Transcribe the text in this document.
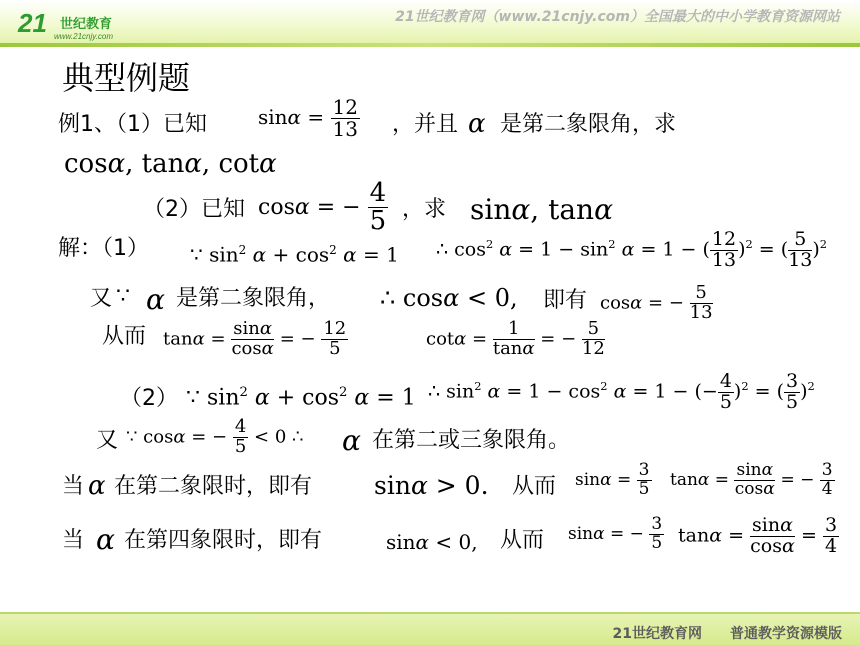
21 世纪教育
www.21cnjy.com
21世纪教育网（www.21cnjy.com）全国最大的中小学教育资源网站
典型例题
例1、（1）已知	$\sin\alpha = \frac{12}{13}$ ，并且 α 是第二象限角，求
cosα, tanα, cotα
（2）已知 cosα = − $\frac{4}{5}$ ，求 sinα, tanα
解：（1） ∵ $\sin^2 \alpha + \cos^2 \alpha = 1$ ∴ $\cos^2 \alpha = 1 - \sin^2 \alpha = 1$ − ( $\frac{12}{13} )^2$ = ( $\frac{5}{13} )^2$
又 ∵ α 是第二象限角， ∴ cosα < 0, 即有 cosα = − $\frac{5}{13}$
从而 $\tan\alpha = \frac{\sin\alpha}{\cos\alpha}$ = − $\frac{12}{5}$	$\cot\alpha = \frac{1}{\tan\alpha}$ = − $\frac{5}{12}$
（2） ∵ $\sin^2 \alpha + \cos^2 \alpha = 1$ ∴ $\sin^2 \alpha = 1 - \cos^2 \alpha = 1$ − (− $\frac{4}{5} )^2$ = ( $\frac{3}{5} )^2$
又 ∵ cosα = − $\frac{4}{5} < 0$ ∴ α 在第二或三象限角。
当 α 在第二象限时，即有 sinα > 0. 从而 $\sin\alpha = \frac{3}{5}$ $\tan\alpha = \frac{\sin\alpha}{\cos\alpha}$ = − $\frac{3}{4}$
当 α 在第四象限时，即有	sinα < 0, 从而 sinα = − $\frac{3}{5}$ $\tan\alpha = \frac{\sin\alpha}{\cos\alpha} = \frac{3}{4}$
21世纪教育网　　普通教学资源模版
